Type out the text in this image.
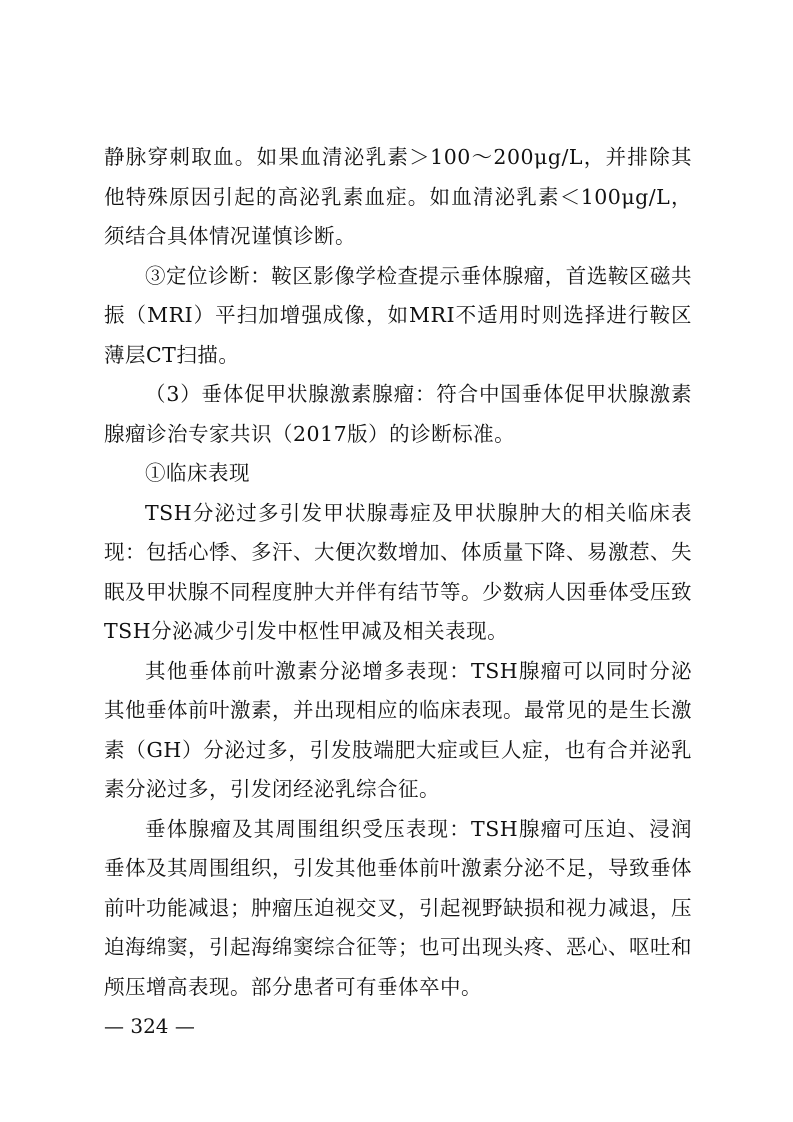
静脉穿刺取血。如果血清泌乳素＞100～200μg/L，并排除其他特殊原因引起的高泌乳素血症。如血清泌乳素＜100μg/L，须结合具体情况谨慎诊断。

③定位诊断：鞍区影像学检查提示垂体腺瘤，首选鞍区磁共振（MRI）平扫加增强成像，如MRI不适用时则选择进行鞍区薄层CT扫描。

（3）垂体促甲状腺激素腺瘤：符合中国垂体促甲状腺激素腺瘤诊治专家共识（2017版）的诊断标准。

①临床表现

TSH分泌过多引发甲状腺毒症及甲状腺肿大的相关临床表现：包括心悸、多汗、大便次数增加、体质量下降、易激惹、失眠及甲状腺不同程度肿大并伴有结节等。少数病人因垂体受压致TSH分泌减少引发中枢性甲减及相关表现。

其他垂体前叶激素分泌增多表现：TSH腺瘤可以同时分泌其他垂体前叶激素，并出现相应的临床表现。最常见的是生长激素（GH）分泌过多，引发肢端肥大症或巨人症，也有合并泌乳素分泌过多，引发闭经泌乳综合征。

垂体腺瘤及其周围组织受压表现：TSH腺瘤可压迫、浸润垂体及其周围组织，引发其他垂体前叶激素分泌不足，导致垂体前叶功能减退；肿瘤压迫视交叉，引起视野缺损和视力减退，压迫海绵窦，引起海绵窦综合征等；也可出现头疼、恶心、呕吐和颅压增高表现。部分患者可有垂体卒中。

— 324 —
